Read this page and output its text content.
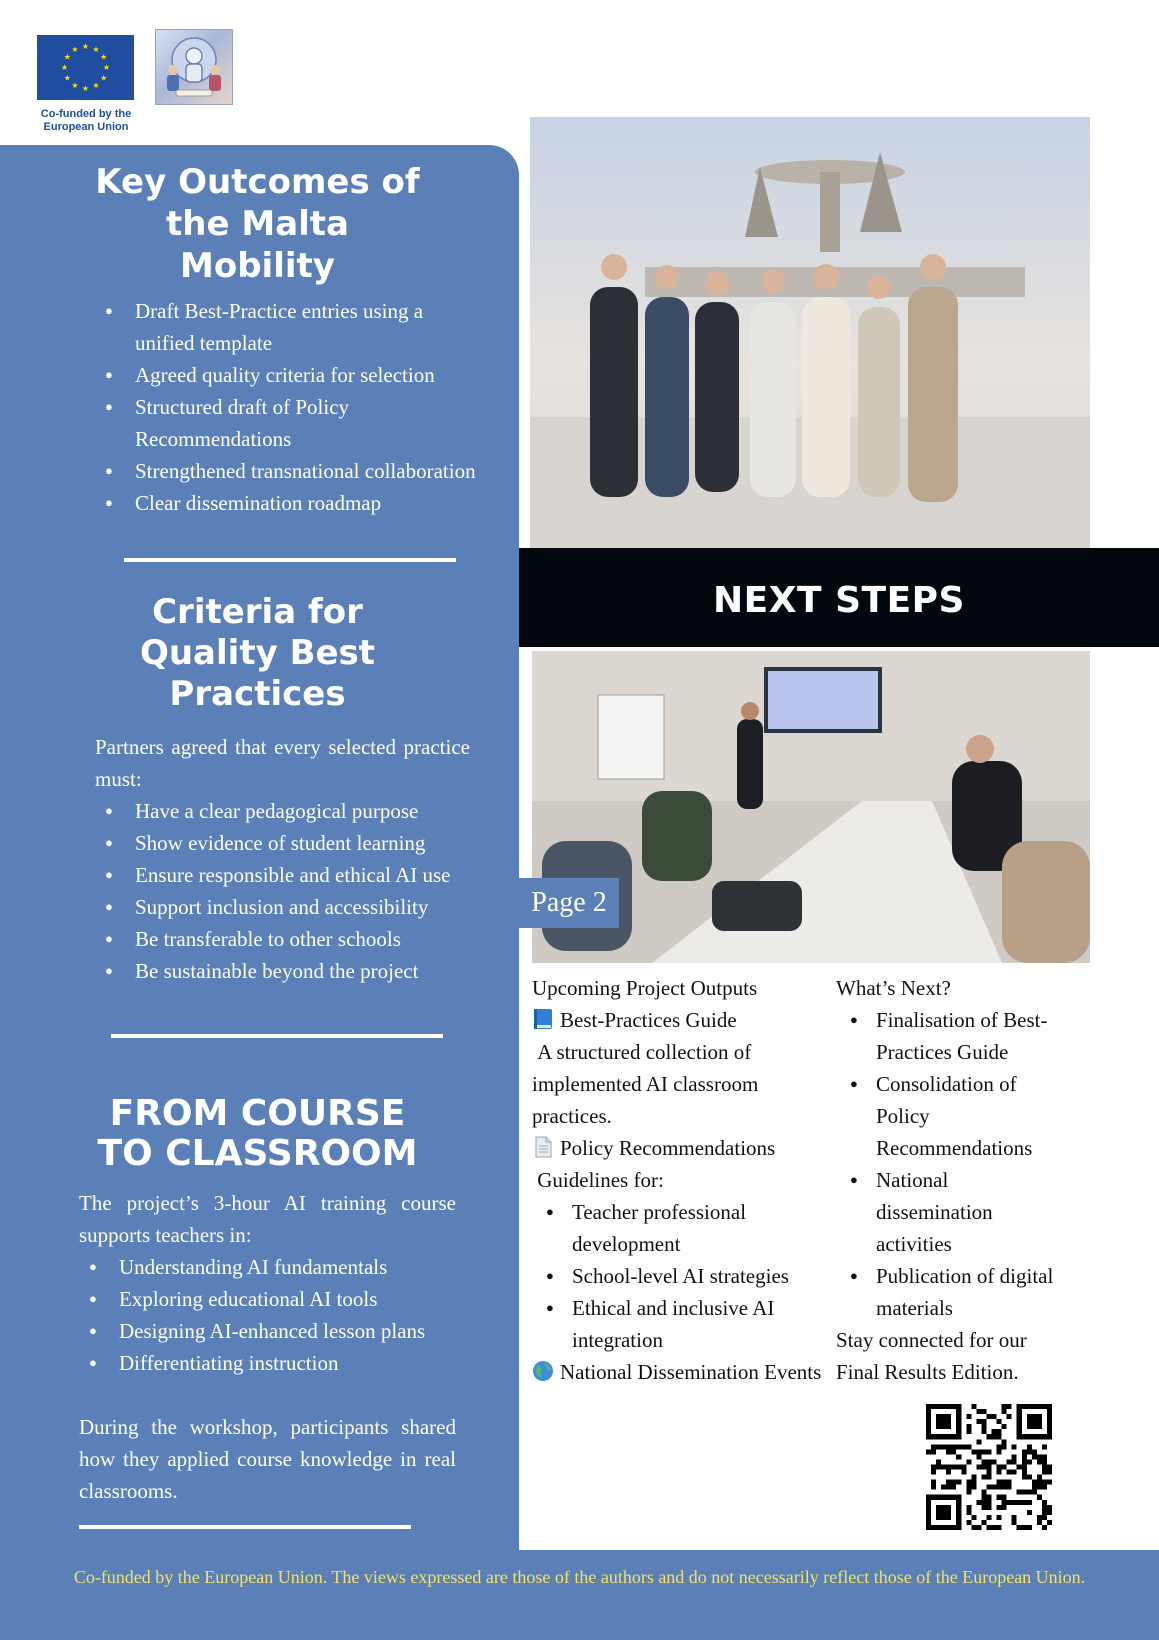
★ ★
★
★
★
★
★
★
★
★
★
★
Co-funded by the
European Union
Key Outcomes of
the Malta
Mobility
● Draft Best-Practice entries using a unified template
● Agreed quality criteria for selection
● Structured draft of Policy Recommendations
● Strengthened transnational collaboration
● Clear dissemination roadmap
Criteria for
Quality Best
Practices

Partners agreed that every selected practice must:

● Have a clear pedagogical purpose
● Show evidence of student learning
● Ensure responsible and ethical AI use
● Support inclusion and accessibility
● Be transferable to other schools
● Be sustainable beyond the project
FROM COURSE
TO CLASSROOM

The project’s 3-hour AI training course supports teachers in:

● Understanding AI fundamentals
● Exploring educational AI tools
● Designing AI-enhanced lesson plans
● Differentiating instruction

During the workshop, participants shared how they applied course knowledge in real classrooms.

NEXT STEPS
Page 2

Upcoming Project Outputs

Best-Practices Guide

A structured collection of implemented AI classroom practices.

Policy Recommendations

Guidelines for:

● Teacher professional development
● School-level AI strategies
● Ethical and inclusive AI integration

National Dissemination Events

What’s Next?

● Finalisation of Best-Practices Guide
● Consolidation of Policy Recommendations
● National dissemination activities
● Publication of digital materials

Stay connected for our Final Results Edition.

Co-funded by the European Union. The views expressed are those of the authors and do not necessarily reflect those of the European Union.
